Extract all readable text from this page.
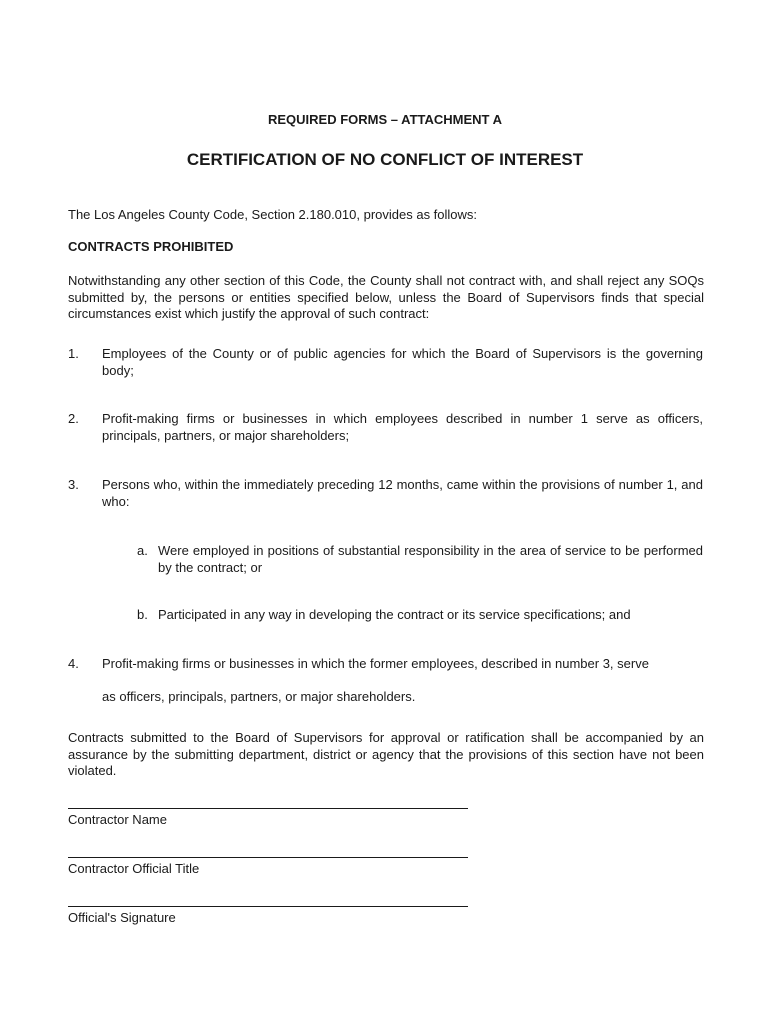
REQUIRED FORMS – ATTACHMENT A
CERTIFICATION OF NO CONFLICT OF INTEREST
The Los Angeles County Code, Section 2.180.010, provides as follows:
CONTRACTS PROHIBITED
Notwithstanding any other section of this Code, the County shall not contract with, and shall reject any SOQs submitted by, the persons or entities specified below, unless the Board of Supervisors finds that special circumstances exist which justify the approval of such contract:
1. Employees of the County or of public agencies for which the Board of Supervisors is the governing body;
2. Profit-making firms or businesses in which employees described in number 1 serve as officers, principals, partners, or major shareholders;
3. Persons who, within the immediately preceding 12 months, came within the provisions of number 1, and who:
a. Were employed in positions of substantial responsibility in the area of service to be performed by the contract; or
b. Participated in any way in developing the contract or its service specifications; and
4. Profit-making firms or businesses in which the former employees, described in number 3, serve
as officers, principals, partners, or major shareholders.
Contracts submitted to the Board of Supervisors for approval or ratification shall be accompanied by an assurance by the submitting department, district or agency that the provisions of this section have not been violated.
Contractor Name
Contractor Official Title
Official's Signature
